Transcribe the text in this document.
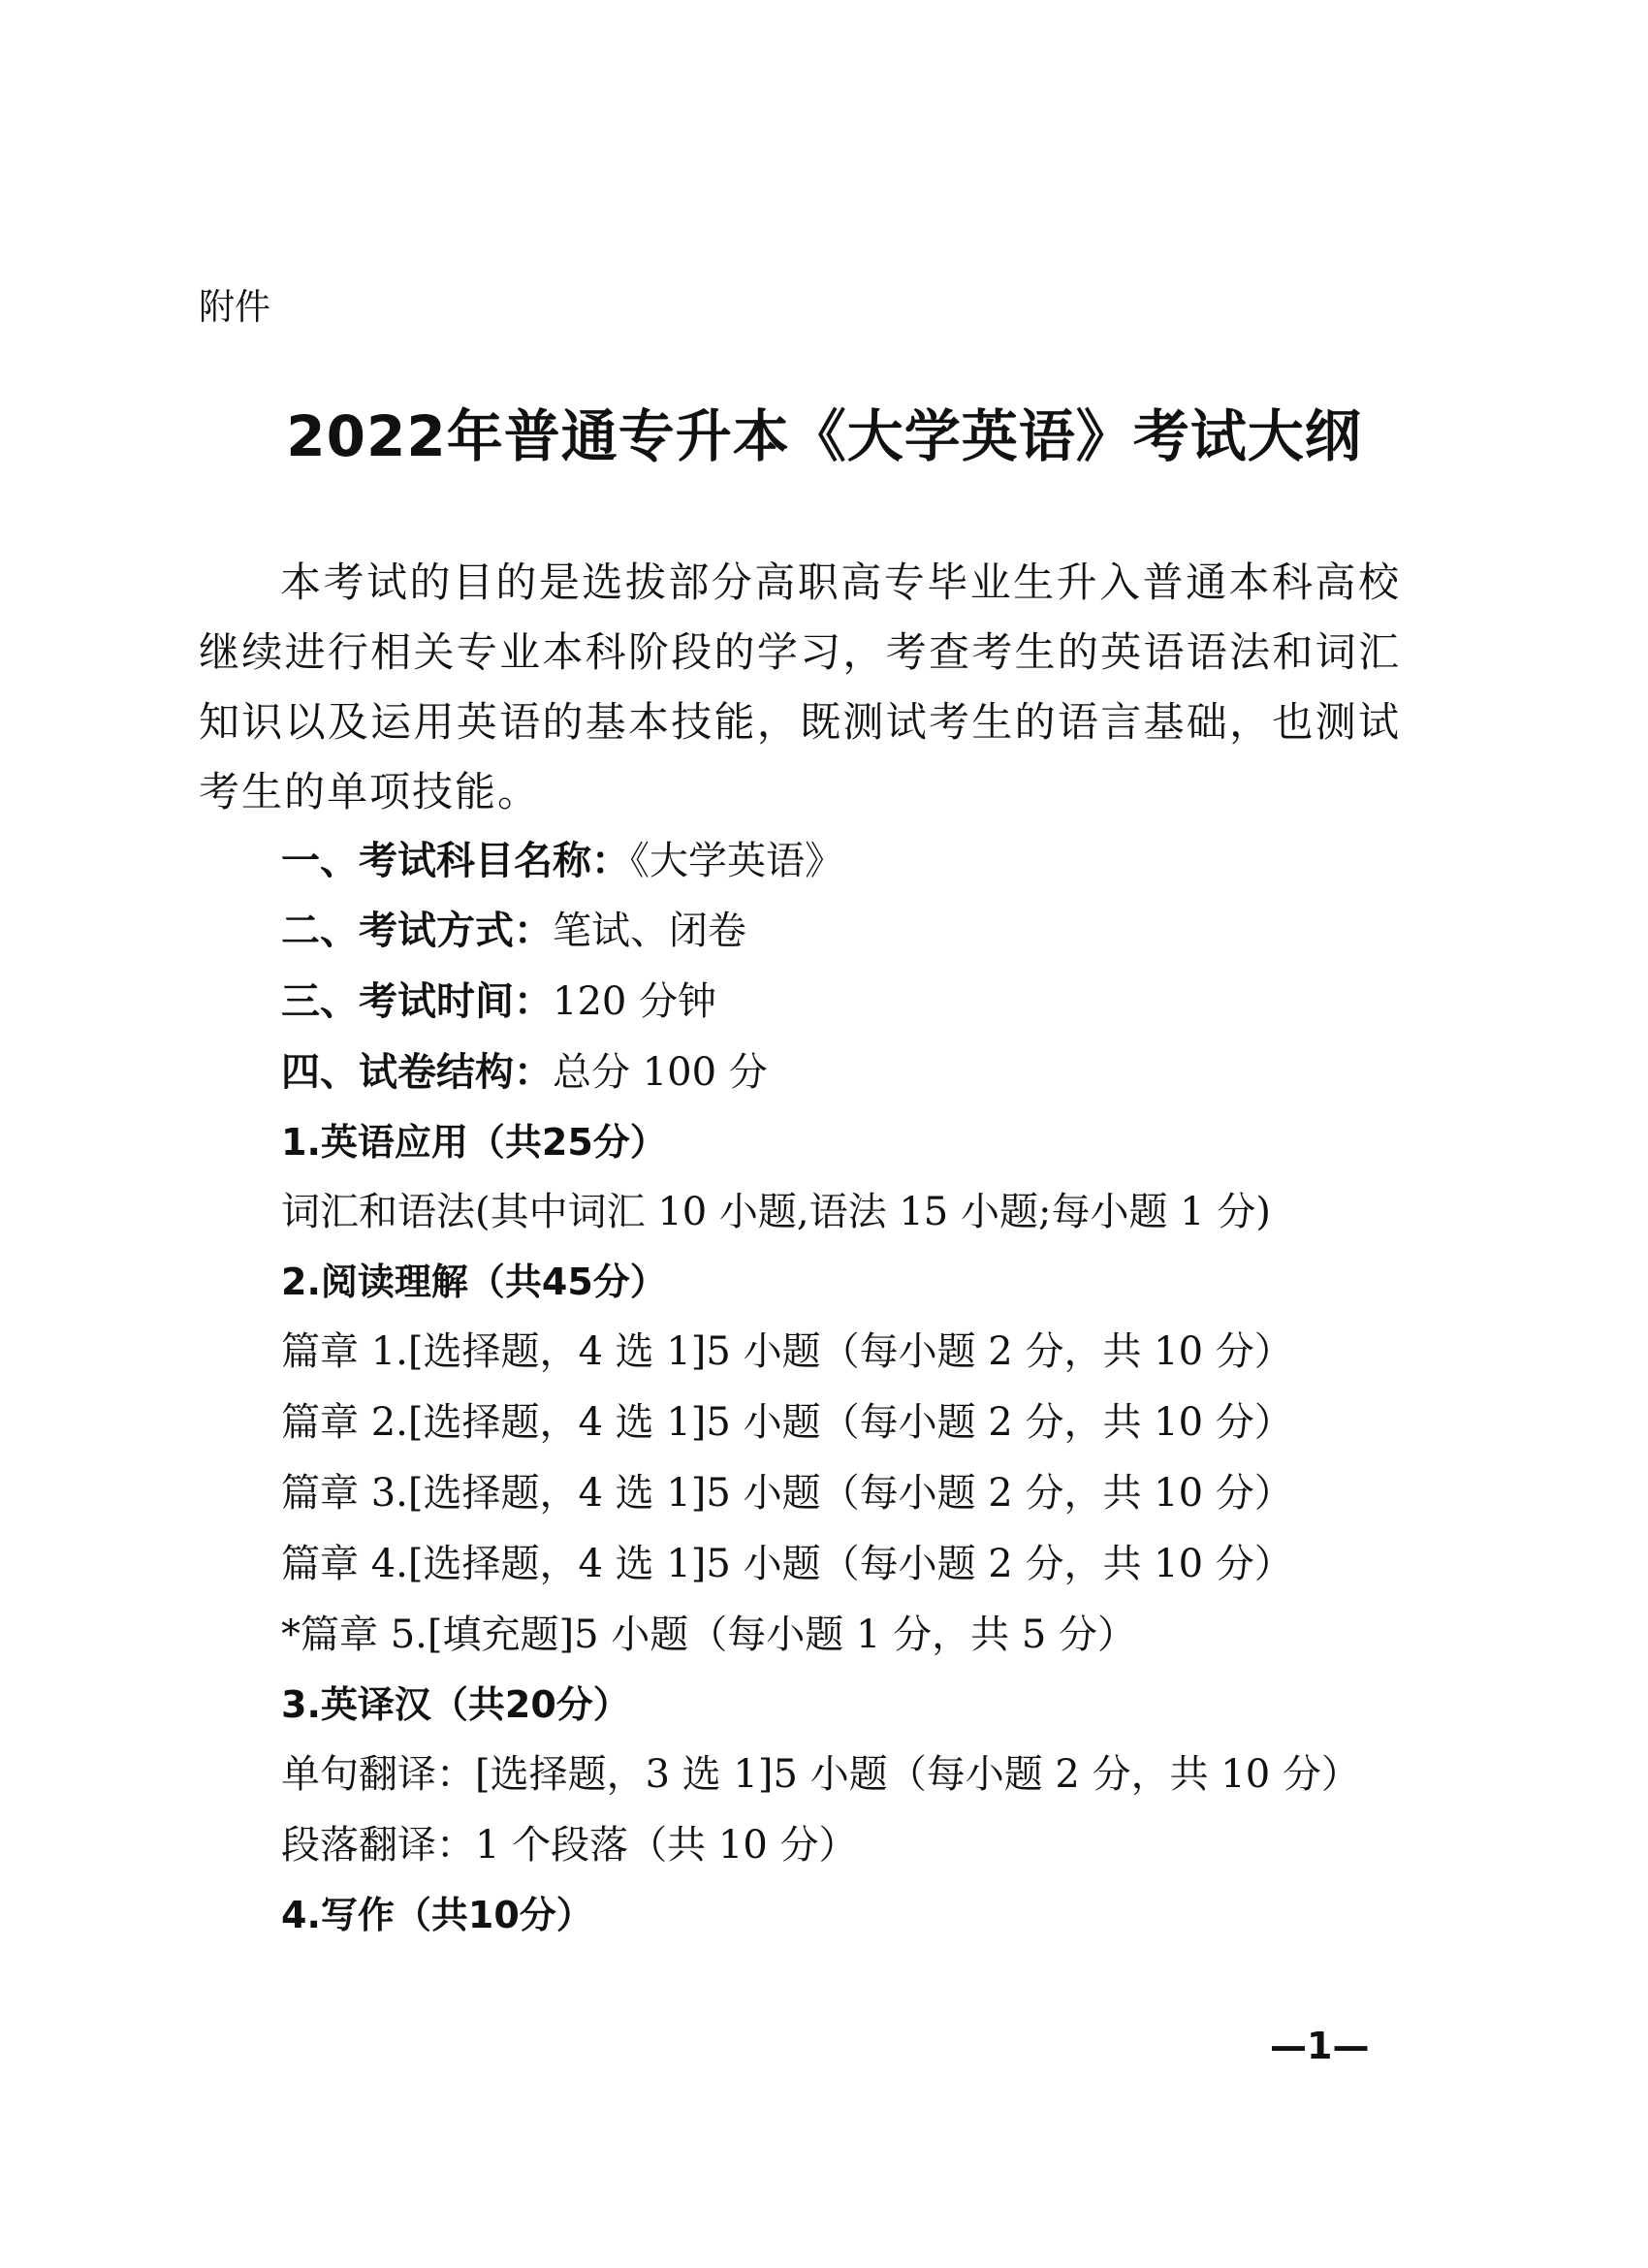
附件
2022年普通专升本《大学英语》考试大纲
本考试的目的是选拔部分高职高专毕业生升入普通本科高校继续进行相关专业本科阶段的学习，考查考生的英语语法和词汇知识以及运用英语的基本技能，既测试考生的语言基础，也测试考生的单项技能。
一、考试科目名称：《大学英语》
二、考试方式：笔试、闭卷
三、考试时间：120 分钟
四、试卷结构：总分 100 分
1.英语应用（共25分）
词汇和语法(其中词汇 10 小题,语法 15 小题;每小题 1 分)
2.阅读理解（共45分）
篇章 1.[选择题，4 选 1]5 小题（每小题 2 分，共 10 分）
篇章 2.[选择题，4 选 1]5 小题（每小题 2 分，共 10 分）
篇章 3.[选择题，4 选 1]5 小题（每小题 2 分，共 10 分）
篇章 4.[选择题，4 选 1]5 小题（每小题 2 分，共 10 分）
*篇章 5.[填充题]5 小题（每小题 1 分，共 5 分）
3.英译汉（共20分）
单句翻译：[选择题，3 选 1]5 小题（每小题 2 分，共 10 分）
段落翻译：1 个段落（共 10 分）
4.写作（共10分）
—1—
